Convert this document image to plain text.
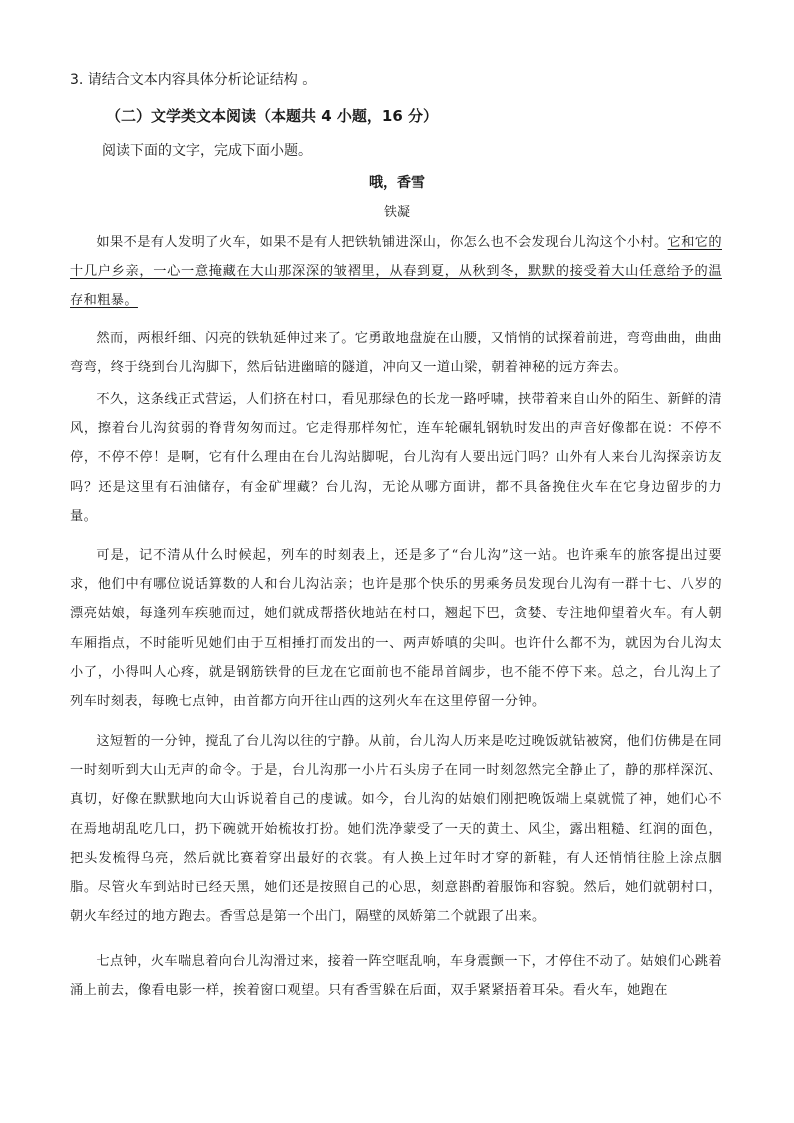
3. 请结合文本内容具体分析论证结构 。

（二）文学类文本阅读（本题共 4 小题，16 分）

阅读下面的文字，完成下面小题。

哦，香雪

铁凝

如果不是有人发明了火车，如果不是有人把铁轨铺进深山，你怎么也不会发现台儿沟这个小村。它和它的十几户乡亲，一心一意掩藏在大山那深深的皱褶里，从春到夏，从秋到冬，默默的接受着大山任意给予的温存和粗暴。

然而，两根纤细、闪亮的铁轨延伸过来了。它勇敢地盘旋在山腰，又悄悄的试探着前进，弯弯曲曲，曲曲弯弯，终于绕到台儿沟脚下，然后钻进幽暗的隧道，冲向又一道山梁，朝着神秘的远方奔去。

不久，这条线正式营运，人们挤在村口，看见那绿色的长龙一路呼啸，挟带着来自山外的陌生、新鲜的清风，擦着台儿沟贫弱的脊背匆匆而过。它走得那样匆忙，连车轮碾轧钢轨时发出的声音好像都在说：不停不停，不停不停！是啊，它有什么理由在台儿沟站脚呢，台儿沟有人要出远门吗？山外有人来台儿沟探亲访友吗？还是这里有石油储存，有金矿埋藏？台儿沟，无论从哪方面讲，都不具备挽住火车在它身边留步的力量。

可是，记不清从什么时候起，列车的时刻表上，还是多了“台儿沟”这一站。也许乘车的旅客提出过要求，他们中有哪位说话算数的人和台儿沟沾亲；也许是那个快乐的男乘务员发现台儿沟有一群十七、八岁的漂亮姑娘，每逢列车疾驰而过，她们就成帮搭伙地站在村口，翘起下巴，贪婪、专注地仰望着火车。有人朝车厢指点，不时能听见她们由于互相捶打而发出的一、两声娇嗔的尖叫。也许什么都不为，就因为台儿沟太小了，小得叫人心疼，就是钢筋铁骨的巨龙在它面前也不能昂首阔步，也不能不停下来。总之，台儿沟上了列车时刻表，每晚七点钟，由首都方向开往山西的这列火车在这里停留一分钟。

这短暂的一分钟，搅乱了台儿沟以往的宁静。从前，台儿沟人历来是吃过晚饭就钻被窝，他们仿佛是在同一时刻听到大山无声的命令。于是，台儿沟那一小片石头房子在同一时刻忽然完全静止了，静的那样深沉、真切，好像在默默地向大山诉说着自己的虔诚。如今，台儿沟的姑娘们刚把晚饭端上桌就慌了神，她们心不在焉地胡乱吃几口，扔下碗就开始梳妆打扮。她们洗净蒙受了一天的黄土、风尘，露出粗糙、红润的面色，把头发梳得乌亮，然后就比赛着穿出最好的衣裳。有人换上过年时才穿的新鞋，有人还悄悄往脸上涂点胭脂。尽管火车到站时已经天黑，她们还是按照自己的心思，刻意斟酌着服饰和容貌。然后，她们就朝村口，朝火车经过的地方跑去。香雪总是第一个出门，隔壁的凤娇第二个就跟了出来。

七点钟，火车喘息着向台儿沟滑过来，接着一阵空哐乱响，车身震颤一下，才停住不动了。姑娘们心跳着涌上前去，像看电影一样，挨着窗口观望。只有香雪躲在后面，双手紧紧捂着耳朵。看火车，她跑在
